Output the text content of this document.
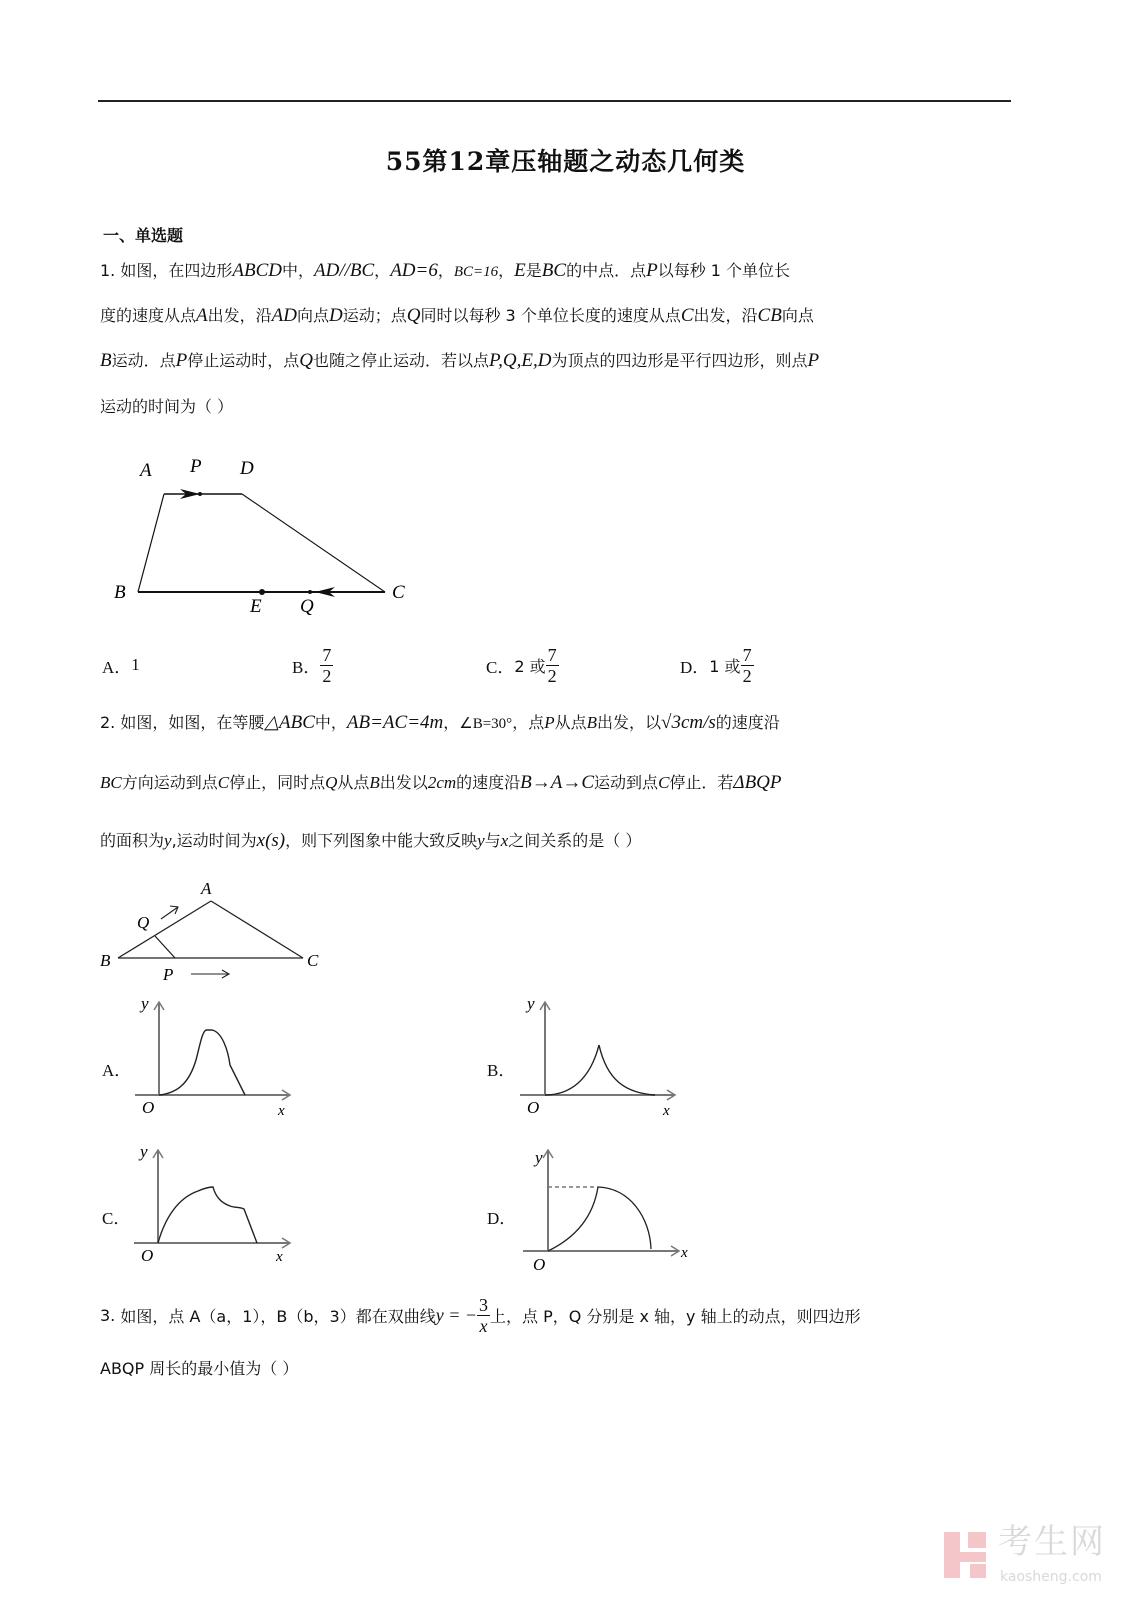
55第12章压轴题之动态几何类
一、单选题
1. 如图，在四边形ABCD中，AD//BC，AD=6，BC=16，E是BC的中点．点P以每秒 1 个单位长
度的速度从点A出发，沿AD向点D运动；点Q同时以每秒 3 个单位长度的速度从点C出发，沿CB向点
B运动．点P停止运动时，点Q也随之停止运动．若以点P,Q,E,D为顶点的四边形是平行四边形，则点P
运动的时间为（ ）
A P D
B
E Q
C
A． 1	B． $\frac{7}{2}$	C． 2 或 $\frac{7}{2}$	D． 1 或 $\frac{7}{2}$
2. 如图，如图，在等腰△ABC中，AB=AC=4m，∠B=30°，点P从点B出发，以√3cm/s的速度沿
BC方向运动到点C停止，同时点Q从点B出发以2cm的速度沿B→A→C运动到点C停止．若ΔBQP
的面积为y,运动时间为x(s)，则下列图象中能大致反映y与x之间关系的是（ ）
A
Q
B
P
C
A．
y
O	x
B．
y
O	x
C．
y
O	x
D．
y
O
x
3.
如图，点 A（a，1），B（b，3）都在双曲线 y = − $\frac{3}{x}$ 上，点 P，Q 分别是 x 轴，y 轴上的动点，则四边形
ABQP 周长的最小值为（ ）
考生网
kaosheng.com
